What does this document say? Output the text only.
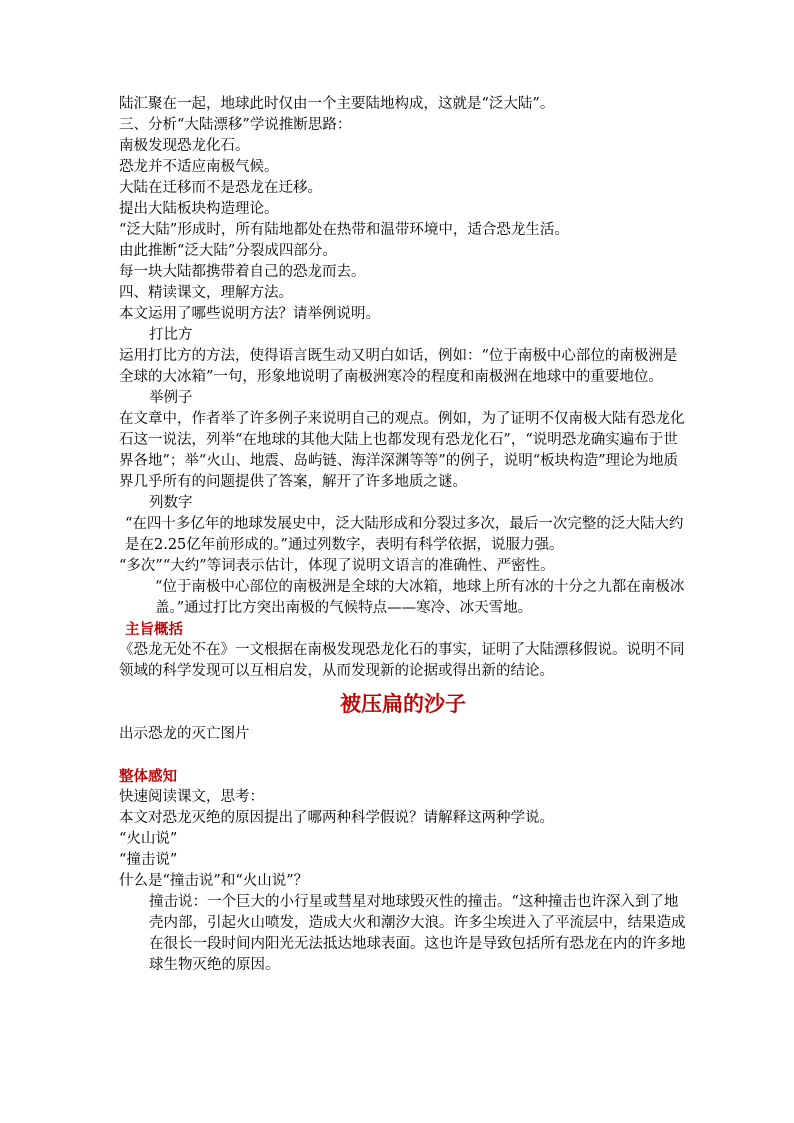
陆汇聚在一起，地球此时仅由一个主要陆地构成，这就是“泛大陆”。
三、分析“大陆漂移”学说推断思路：
南极发现恐龙化石。
恐龙并不适应南极气候。
大陆在迁移而不是恐龙在迁移。
提出大陆板块构造理论。
“泛大陆”形成时，所有陆地都处在热带和温带环境中，适合恐龙生活。
由此推断“泛大陆”分裂成四部分。
每一块大陆都携带着自己的恐龙而去。
四、精读课文，理解方法。
本文运用了哪些说明方法？请举例说明。
打比方
运用打比方的方法，使得语言既生动又明白如话，例如：“位于南极中心部位的南极洲是全球的大冰箱”一句，形象地说明了南极洲寒冷的程度和南极洲在地球中的重要地位。
举例子
在文章中，作者举了许多例子来说明自己的观点。例如，为了证明不仅南极大陆有恐龙化石这一说法，列举“在地球的其他大陆上也都发现有恐龙化石”，“说明恐龙确实遍布于世界各地”；举“火山、地震、岛屿链、海洋深渊等等”的例子，说明“板块构造”理论为地质界几乎所有的问题提供了答案，解开了许多地质之谜。
列数字
“在四十多亿年的地球发展史中，泛大陆形成和分裂过多次，最后一次完整的泛大陆大约是在2.25亿年前形成的。”通过列数字，表明有科学依据，说服力强。
“多次”“大约”等词表示估计，体现了说明文语言的准确性、严密性。
“位于南极中心部位的南极洲是全球的大冰箱，地球上所有冰的十分之九都在南极冰盖。”通过打比方突出南极的气候特点——寒冷、冰天雪地。
主旨概括
《恐龙无处不在》一文根据在南极发现恐龙化石的事实，证明了大陆漂移假说。说明不同领域的科学发现可以互相启发，从而发现新的论据或得出新的结论。
被压扁的沙子
出示恐龙的灭亡图片
整体感知
快速阅读课文，思考：
本文对恐龙灭绝的原因提出了哪两种科学假说？请解释这两种学说。
“火山说”
“撞击说”
什么是“撞击说”和“火山说”？
撞击说：一个巨大的小行星或彗星对地球毁灭性的撞击。“这种撞击也许深入到了地壳内部，引起火山喷发，造成大火和潮汐大浪。许多尘埃进入了平流层中，结果造成在很长一段时间内阳光无法抵达地球表面。这也许是导致包括所有恐龙在内的许多地球生物灭绝的原因。
